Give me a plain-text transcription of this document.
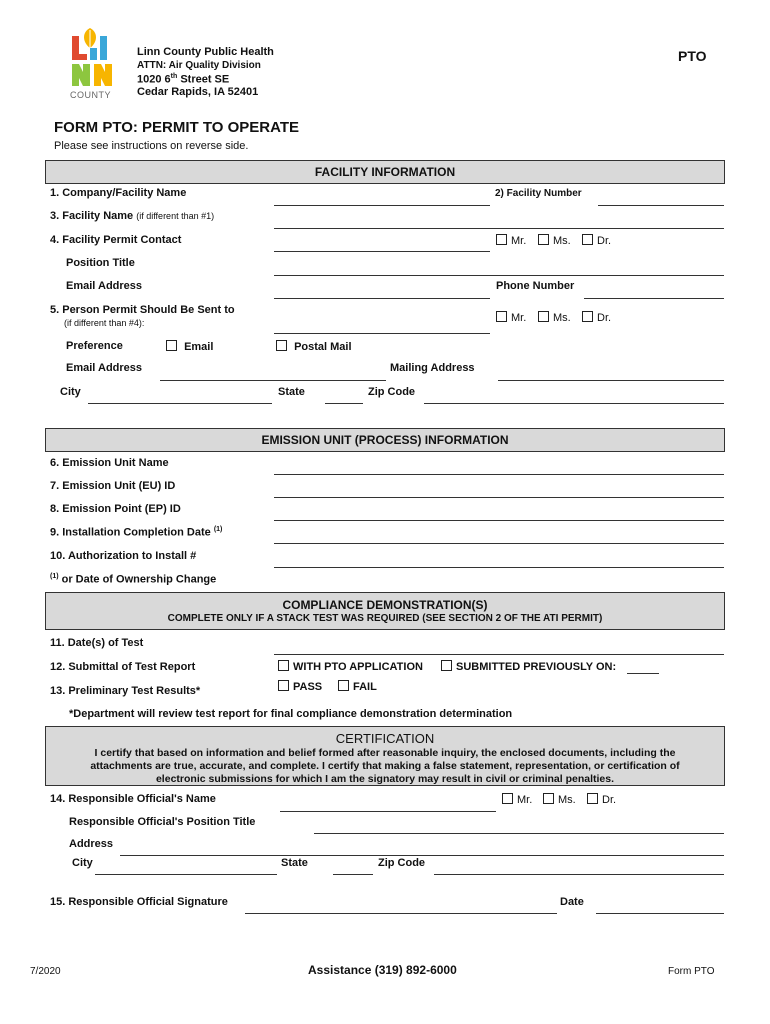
COUNTY
Linn County Public Health
ATTN: Air Quality Division
1020 6th Street SE
Cedar Rapids, IA 52401
PTO
FORM PTO: PERMIT TO OPERATE
Please see instructions on reverse side.
FACILITY INFORMATION
1. Company/Facility Name	2) Facility Number
3. Facility Name (if different than #1)
4. Facility Permit Contact	Mr.	Ms.	Dr.
Position Title
Email Address	Phone Number
5. Person Permit Should Be Sent to
(if different than #4):	Mr.	Ms.	Dr.
Preference	Email	Postal Mail
Email Address	Mailing Address
City	State	Zip Code
EMISSION UNIT (PROCESS) INFORMATION
6. Emission Unit Name
7. Emission Unit (EU) ID
8. Emission Point (EP) ID
9. Installation Completion Date $^{(1)}$
10. Authorization to Install #
$^{(1)}$ or Date of Ownership Change
COMPLIANCE DEMONSTRATION(S)
COMPLETE ONLY IF A STACK TEST WAS REQUIRED (SEE SECTION 2 OF THE ATI PERMIT)
11. Date(s) of Test
12. Submittal of Test Report	WITH PTO APPLICATION	SUBMITTED PREVIOUSLY ON:
13. Preliminary Test Results*	PASS	FAIL
*Department will review test report for final compliance demonstration determination
CERTIFICATION
I certify that based on information and belief formed after reasonable inquiry, the enclosed documents, including the attachments are true, accurate, and complete. I certify that making a false statement, representation, or certification of electronic submissions for which I am the signatory may result in civil or criminal penalties.
14. Responsible Official's Name	Mr.	Ms.	Dr.
Responsible Official's Position Title
Address
City	State	Zip Code
15. Responsible Official Signature	Date
7/2020	Assistance (319) 892-6000	Form PTO
